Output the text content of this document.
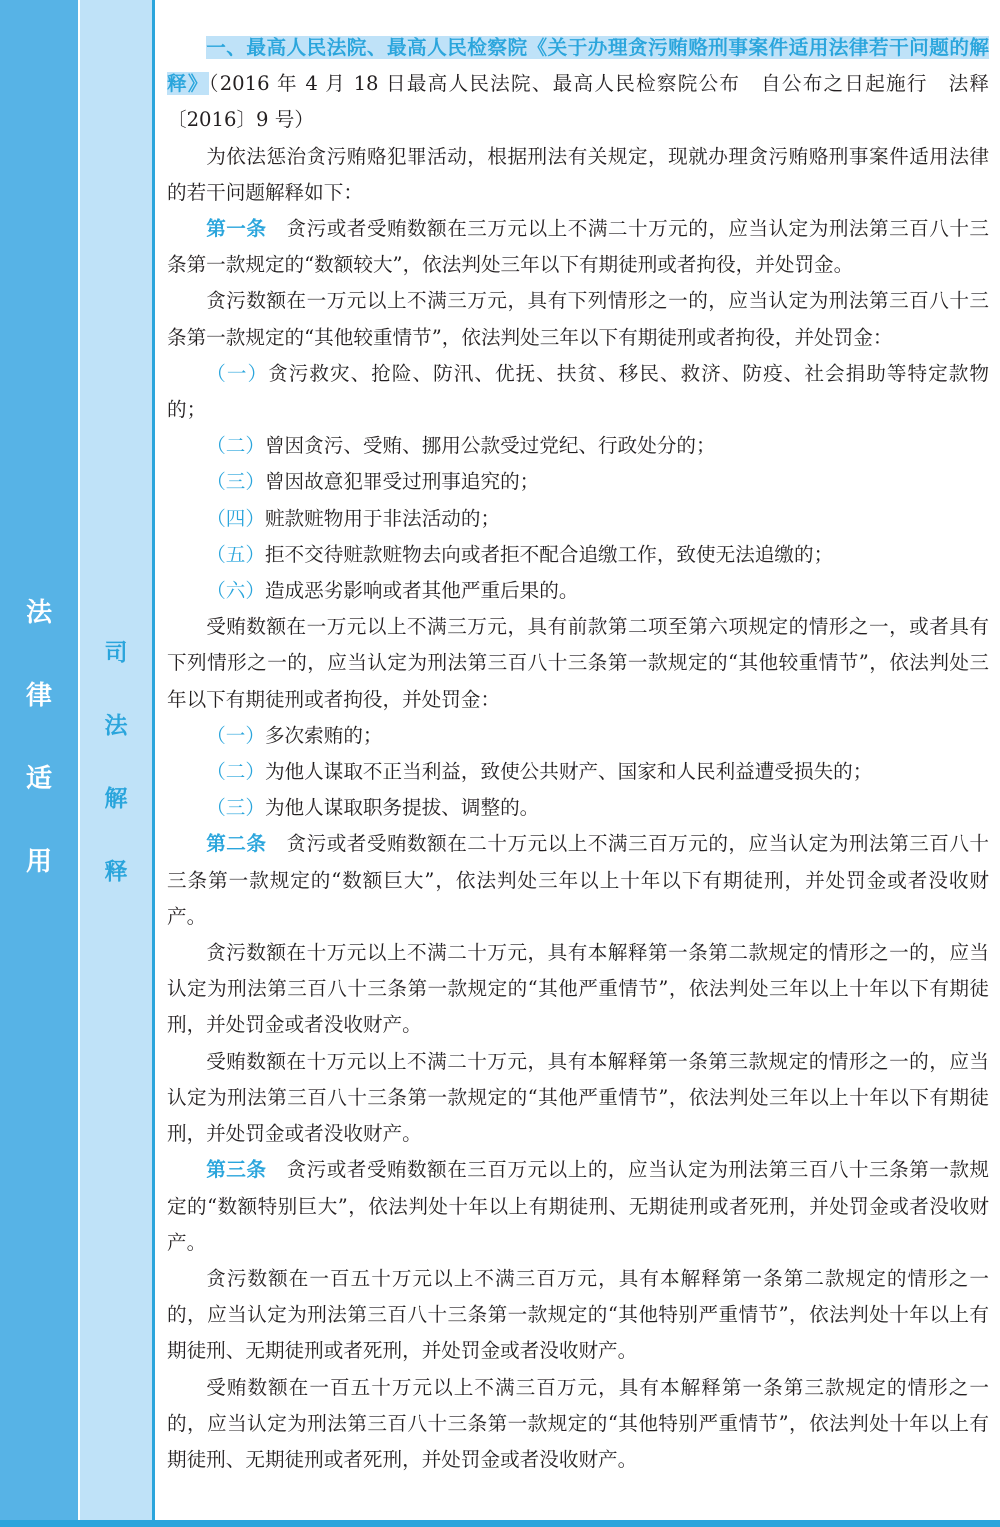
法
律
适
用
司
法
解
释

一、最高人民法院、最高人民检察院《关于办理贪污贿赂刑事案件适用法律若干问题的解释》（2016 年 4 月 18 日最高人民法院、最高人民检察院公布　自公布之日起施行　法释〔2016〕9 号）

为依法惩治贪污贿赂犯罪活动，根据刑法有关规定，现就办理贪污贿赂刑事案件适用法律的若干问题解释如下：

第一条　 贪污或者受贿数额在三万元以上不满二十万元的，应当认定为刑法第三百八十三条第一款规定的“数额较大”，依法判处三年以下有期徒刑或者拘役，并处罚金。

贪污数额在一万元以上不满三万元，具有下列情形之一的，应当认定为刑法第三百八十三条第一款规定的“其他较重情节”，依法判处三年以下有期徒刑或者拘役，并处罚金：

（一）贪污救灾、抢险、防汛、优抚、扶贫、移民、救济、防疫、社会捐助等特定款物的；

（二）曾因贪污、受贿、挪用公款受过党纪、行政处分的；

（三）曾因故意犯罪受过刑事追究的；

（四）赃款赃物用于非法活动的；

（五）拒不交待赃款赃物去向或者拒不配合追缴工作，致使无法追缴的；

（六）造成恶劣影响或者其他严重后果的。

受贿数额在一万元以上不满三万元，具有前款第二项至第六项规定的情形之一，或者具有下列情形之一的，应当认定为刑法第三百八十三条第一款规定的“其他较重情节”，依法判处三年以下有期徒刑或者拘役，并处罚金：

（一）多次索贿的；

（二）为他人谋取不正当利益，致使公共财产、国家和人民利益遭受损失的；

（三）为他人谋取职务提拔、调整的。

第二条　 贪污或者受贿数额在二十万元以上不满三百万元的，应当认定为刑法第三百八十三条第一款规定的“数额巨大”，依法判处三年以上十年以下有期徒刑，并处罚金或者没收财产。

贪污数额在十万元以上不满二十万元，具有本解释第一条第二款规定的情形之一的，应当认定为刑法第三百八十三条第一款规定的“其他严重情节”，依法判处三年以上十年以下有期徒刑，并处罚金或者没收财产。

受贿数额在十万元以上不满二十万元，具有本解释第一条第三款规定的情形之一的，应当认定为刑法第三百八十三条第一款规定的“其他严重情节”，依法判处三年以上十年以下有期徒刑，并处罚金或者没收财产。

第三条　 贪污或者受贿数额在三百万元以上的，应当认定为刑法第三百八十三条第一款规定的“数额特别巨大”，依法判处十年以上有期徒刑、无期徒刑或者死刑，并处罚金或者没收财产。

贪污数额在一百五十万元以上不满三百万元，具有本解释第一条第二款规定的情形之一的，应当认定为刑法第三百八十三条第一款规定的“其他特别严重情节”，依法判处十年以上有期徒刑、无期徒刑或者死刑，并处罚金或者没收财产。

受贿数额在一百五十万元以上不满三百万元，具有本解释第一条第三款规定的情形之一的，应当认定为刑法第三百八十三条第一款规定的“其他特别严重情节”，依法判处十年以上有期徒刑、无期徒刑或者死刑，并处罚金或者没收财产。
